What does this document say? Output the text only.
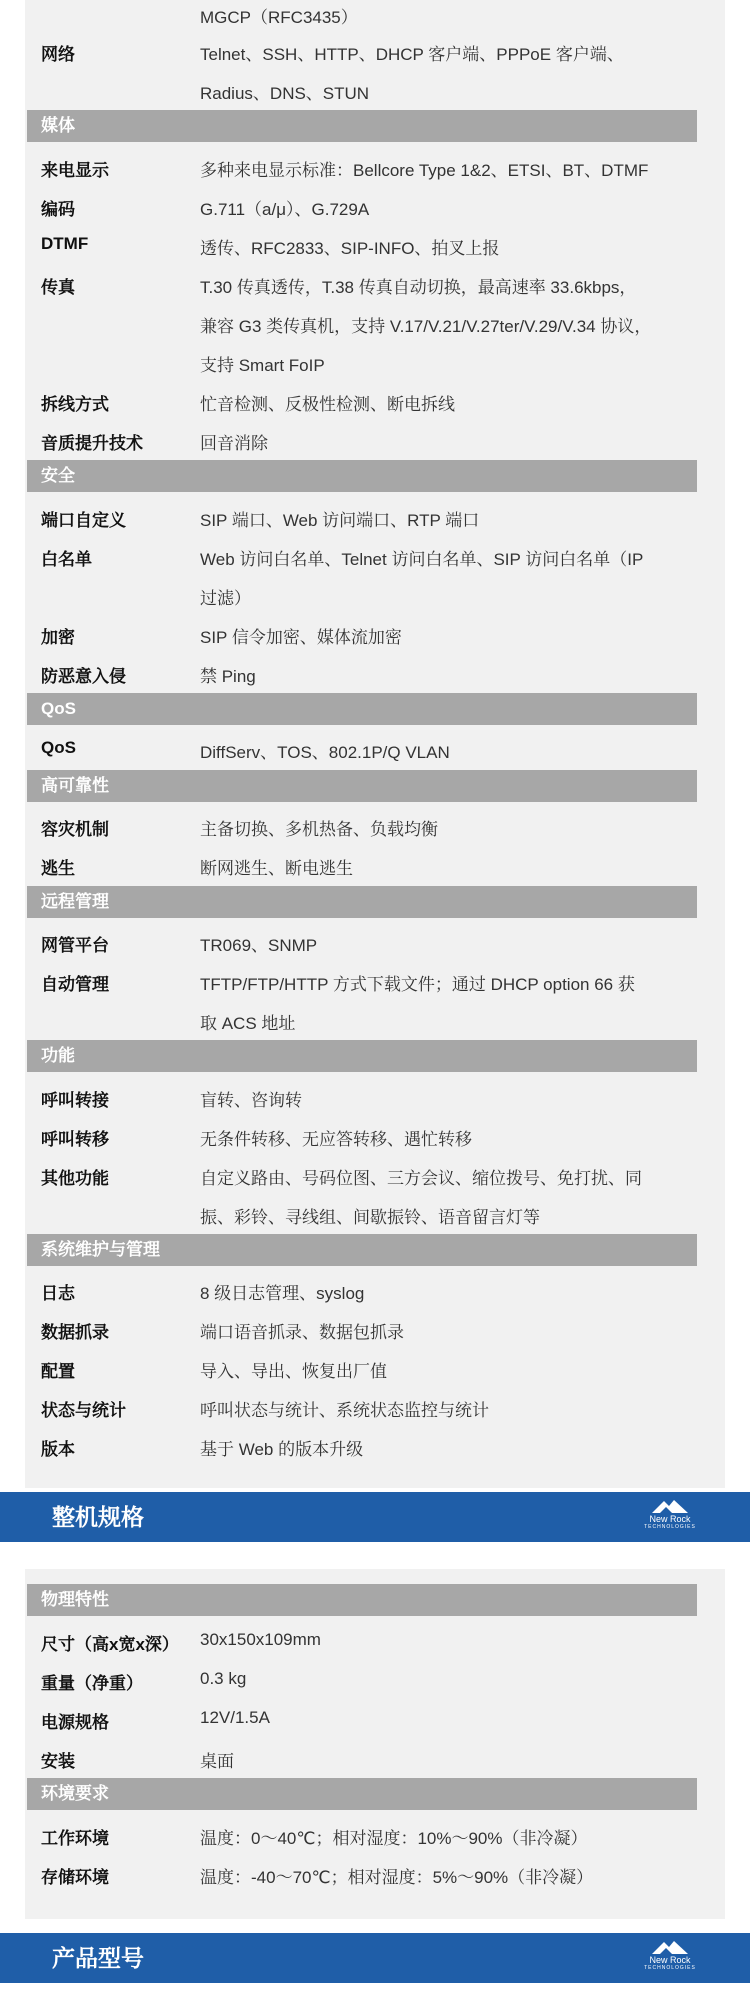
MGCP（RFC3435）
网络	Telnet、SSH、HTTP、DHCP 客户端、PPPoE 客户端、
Radius、DNS、STUN
媒体
来电显示	多种来电显示标准：Bellcore Type 1&2、ETSI、BT、DTMF
编码	G.711（a/μ）、G.729A
DTMF	透传、RFC2833、SIP-INFO、拍叉上报
传真	T.30 传真透传，T.38 传真自动切换，最高速率 33.6kbps，
兼容 G3 类传真机，支持 V.17/V.21/V.27ter/V.29/V.34 协议，
支持 Smart FoIP
拆线方式	忙音检测、反极性检测、断电拆线
音质提升技术	回音消除
安全
端口自定义	SIP 端口、Web 访问端口、RTP 端口
白名单	Web 访问白名单、Telnet 访问白名单、SIP 访问白名单（IP
过滤）
加密	SIP 信令加密、媒体流加密
防恶意入侵	禁 Ping
QoS
QoS	DiffServ、TOS、802.1P/Q VLAN
高可靠性
容灾机制	主备切换、多机热备、负载均衡
逃生	断网逃生、断电逃生
远程管理
网管平台	TR069、SNMP
自动管理	TFTP/FTP/HTTP 方式下载文件；通过 DHCP option 66 获
取 ACS 地址
功能
呼叫转接	盲转、咨询转
呼叫转移	无条件转移、无应答转移、遇忙转移
其他功能	自定义路由、号码位图、三方会议、缩位拨号、免打扰、同
振、彩铃、寻线组、间歇振铃、语音留言灯等
系统维护与管理
日志	8 级日志管理、syslog
数据抓录	端口语音抓录、数据包抓录
配置	导入、导出、恢复出厂值
状态与统计	呼叫状态与统计、系统状态监控与统计
版本	基于 Web 的版本升级
整机规格	New Rock
TECHNOLOGIES
物理特性
尺寸（高x宽x深） 30x150x109mm
重量（净重）	0.3 kg
电源规格	12V/1.5A
安装	桌面
环境要求
工作环境	温度：0～40℃；相对湿度：10%～90%（非冷凝）
存储环境	温度：-40～70℃；相对湿度：5%～90%（非冷凝）
产品型号	New Rock
TECHNOLOGIES
